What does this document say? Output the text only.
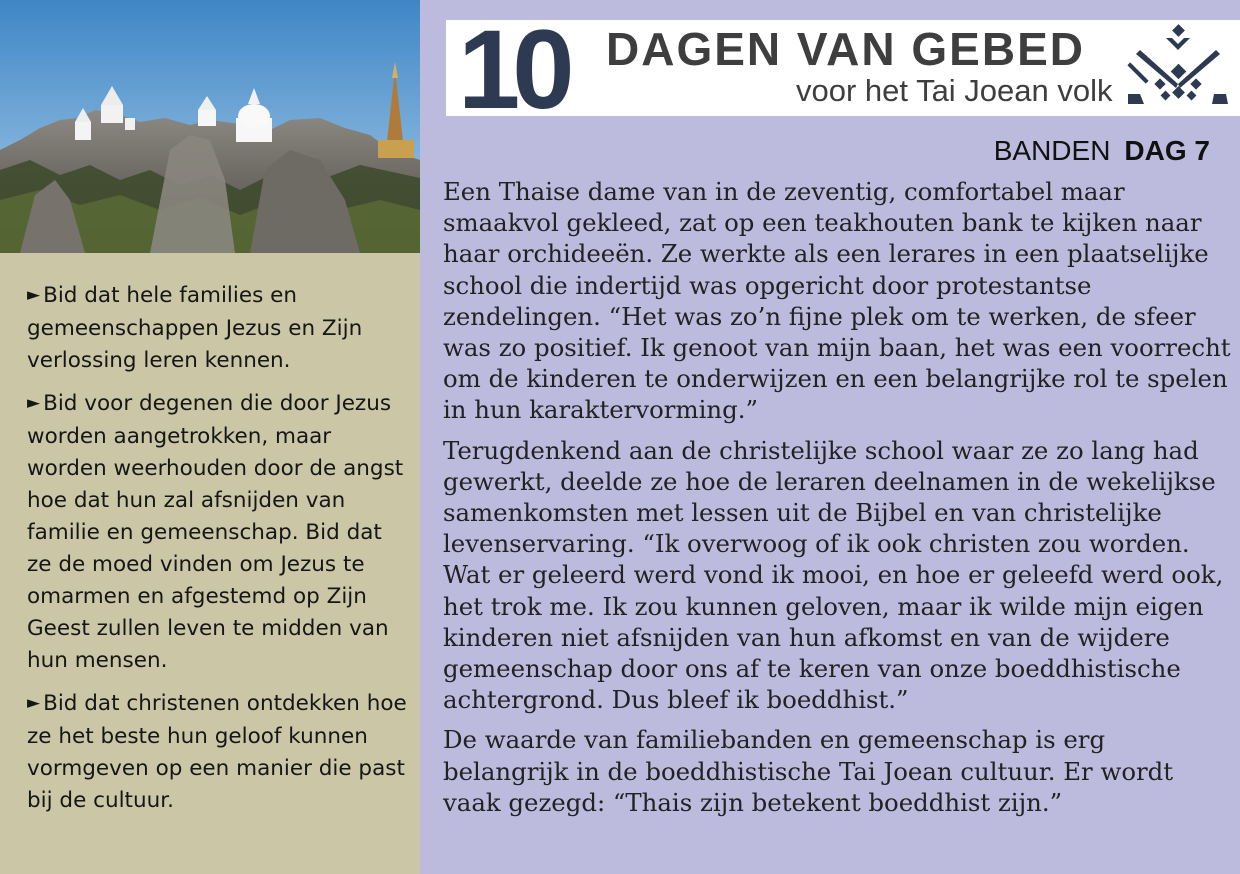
► Bid dat hele families en gemeenschappen Jezus en Zijn verlossing leren kennen.

► Bid voor degenen die door Jezus worden aangetrokken, maar worden weerhouden door de angst hoe dat hun zal afsnijden van familie en gemeenschap. Bid dat ze de moed vinden om Jezus te omarmen en afgestemd op Zijn Geest zullen leven te midden van hun mensen.

► Bid dat christenen ontdekken hoe ze het beste hun geloof kunnen vormgeven op een manier die past bij de cultuur.

10 DAGEN VAN GEBED
voor het Tai Joean volk
BANDEN DAG 7

Een Thaise dame van in de zeventig, comfortabel maar smaakvol gekleed, zat op een teakhouten bank te kijken naar haar orchideeën. Ze werkte als een lerares in een plaatselijke school die indertijd was opgericht door protestantse zendelingen. “Het was zo’n fijne plek om te werken, de sfeer was zo positief. Ik genoot van mijn baan, het was een voorrecht om de kinderen te onderwijzen en een belangrijke rol te spelen in hun karaktervorming.”

Terugdenkend aan de christelijke school waar ze zo lang had gewerkt, deelde ze hoe de leraren deelnamen in de wekelijkse samenkomsten met lessen uit de Bijbel en van christelijke levenservaring. “Ik overwoog of ik ook christen zou worden. Wat er geleerd werd vond ik mooi, en hoe er geleefd werd ook, het trok me. Ik zou kunnen geloven, maar ik wilde mijn eigen kinderen niet afsnijden van hun afkomst en van de wijdere gemeenschap door ons af te keren van onze boeddhistische achtergrond. Dus bleef ik boeddhist.”

De waarde van familiebanden en gemeenschap is erg belangrijk in de boeddhistische Tai Joean cultuur. Er wordt vaak gezegd: “Thais zijn betekent boeddhist zijn.”
